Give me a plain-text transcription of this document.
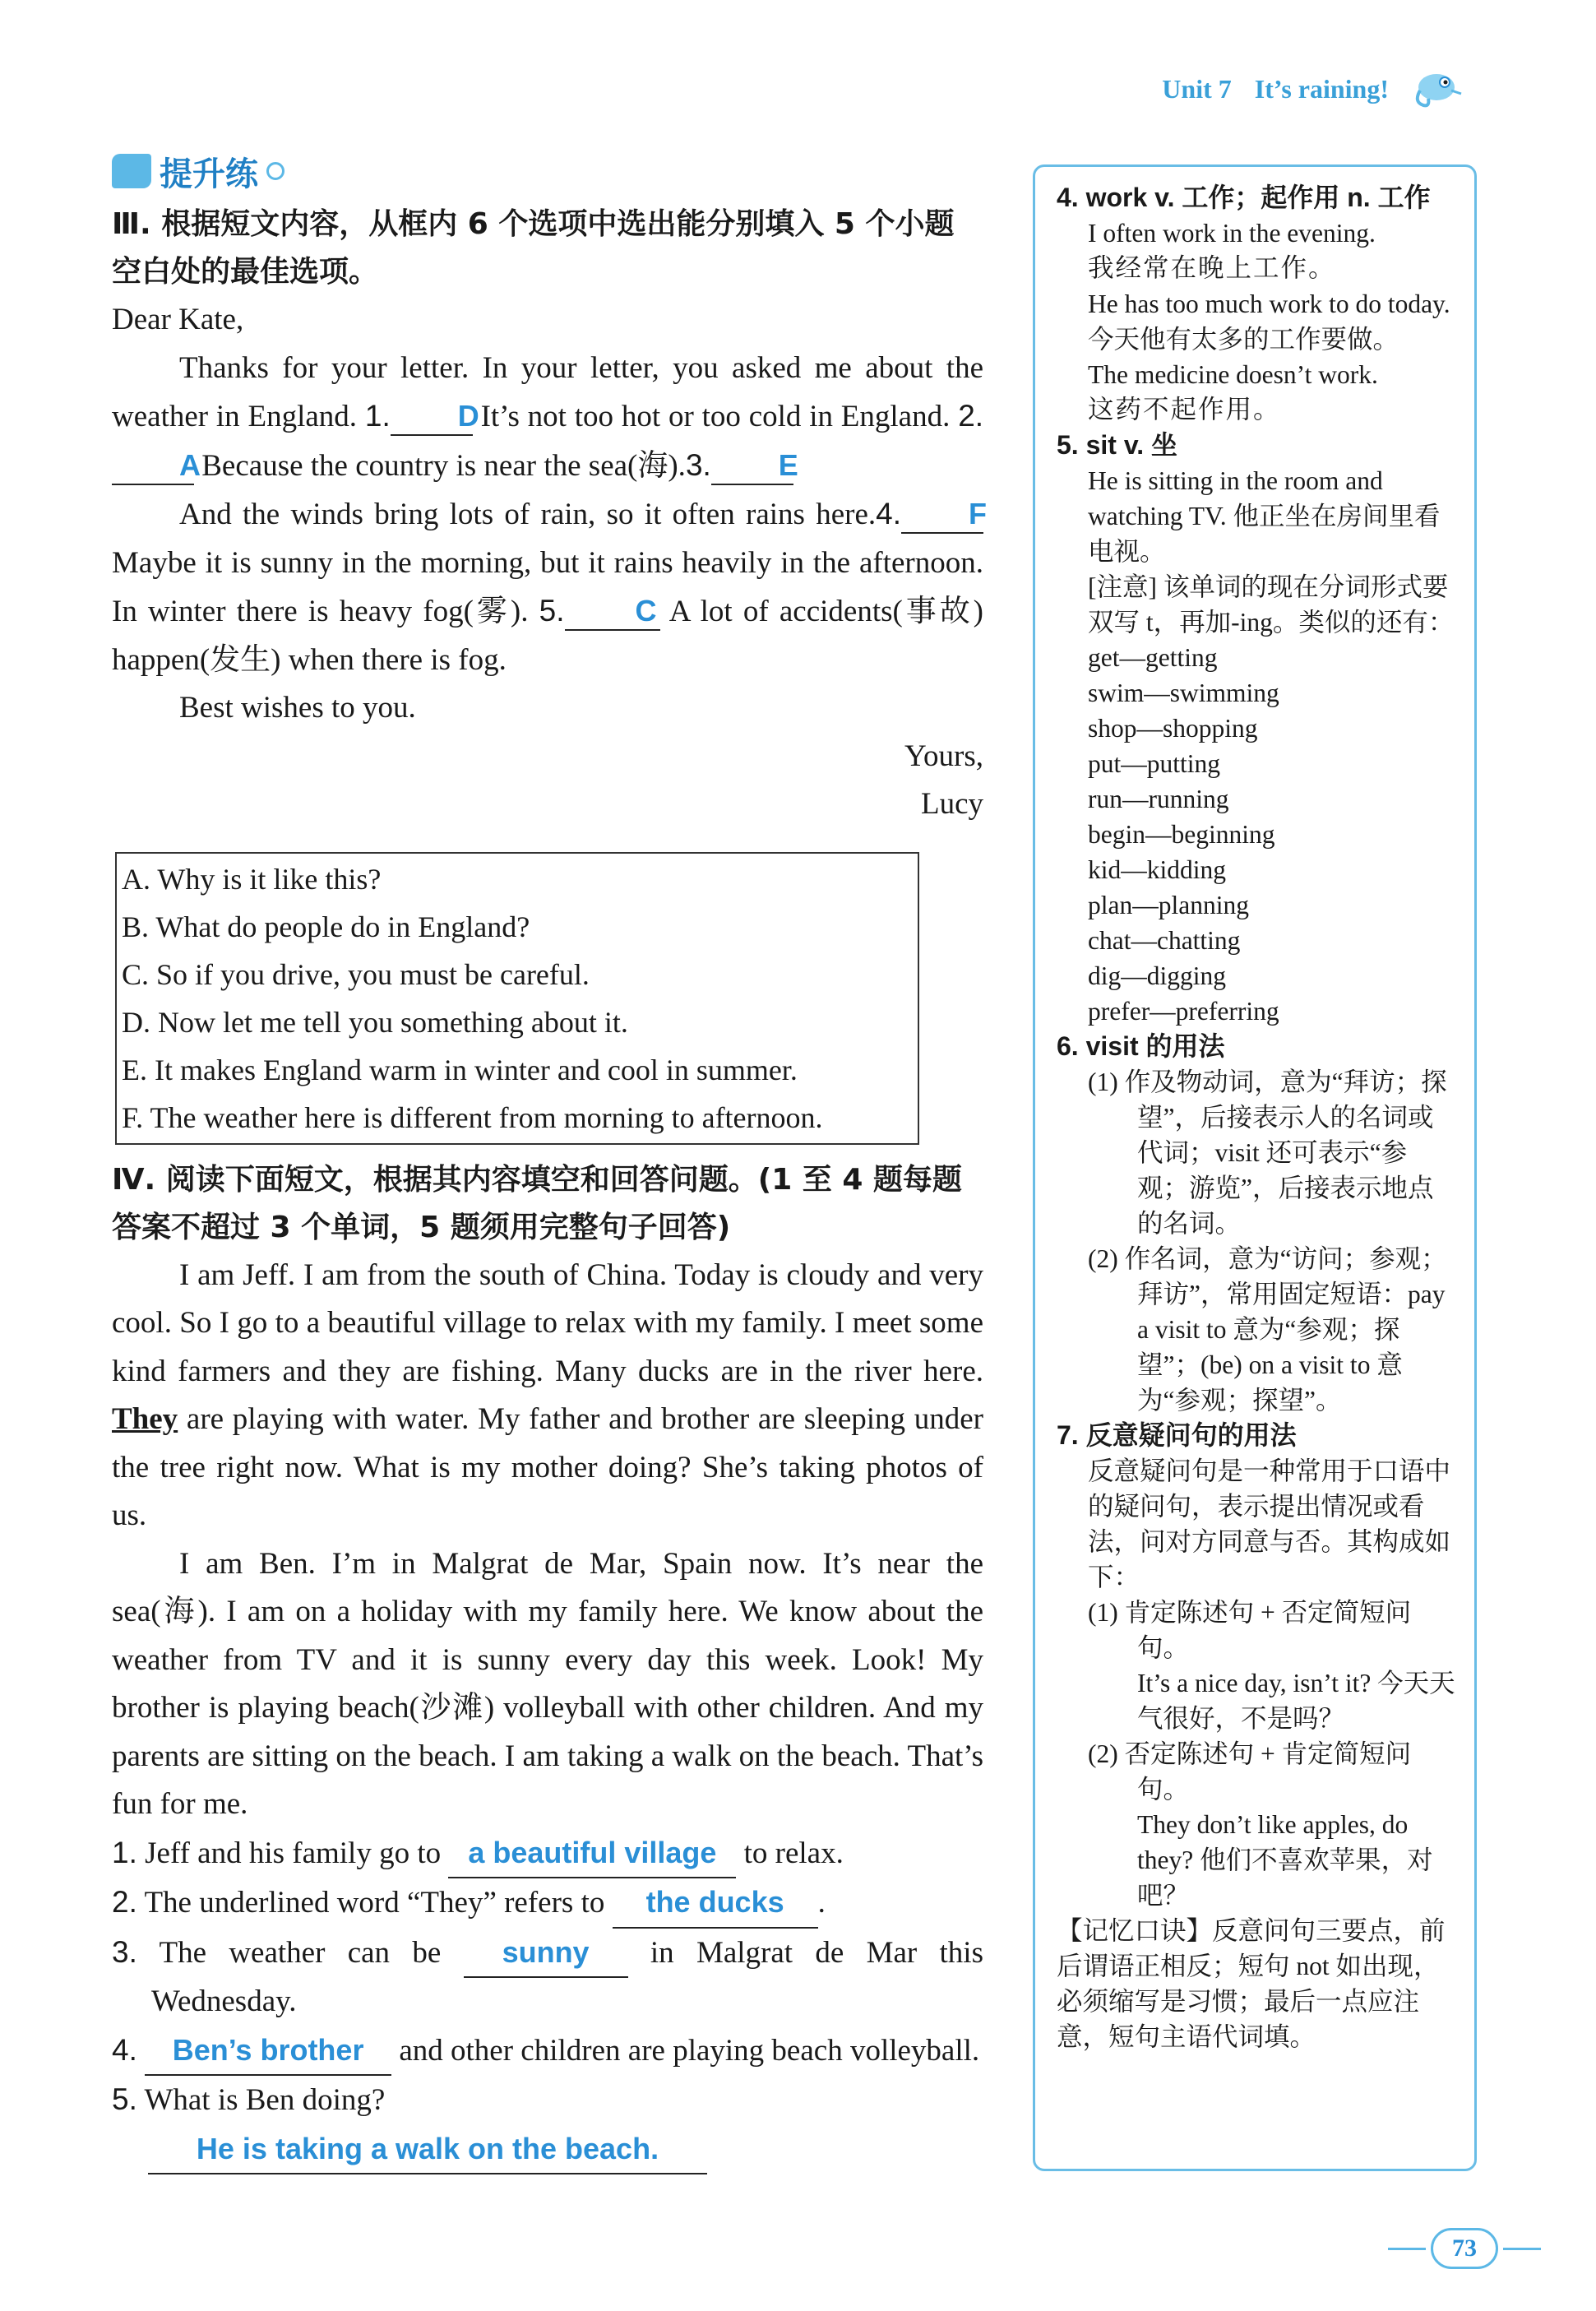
Unit 7 It’s raining!
提升练
Ⅲ. 根据短文内容，从框内 6 个选项中选出能分别填入 5 个小题空白处的最佳选项。

Dear Kate,

Thanks for your letter. In your letter, you asked me about the weather in England. 1. D It’s not too hot or too cold in England. 2.A Because the country is near the sea(海).3. E

And the winds bring lots of rain, so it often rains here.4. F Maybe it is sunny in the morning, but it rains heavily in the afternoon. In winter there is heavy fog(雾). 5. C A lot of accidents(事故) happen(发生) when there is fog.

Best wishes to you.

Yours,

Lucy

A. Why is it like this?

B. What do people do in England?

C. So if you drive, you must be careful.

D. Now let me tell you something about it.

E. It makes England warm in winter and cool in summer.

F. The weather here is different from morning to afternoon.

Ⅳ. 阅读下面短文，根据其内容填空和回答问题。(1 至 4 题每题答案不超过 3 个单词，5 题须用完整句子回答)

I am Jeff. I am from the south of China. Today is cloudy and very cool. So I go to a beautiful village to relax with my family. I meet some kind farmers and they are fishing. Many ducks are in the river here. They are playing with water. My father and brother are sleeping under the tree right now. What is my mother doing? She’s taking photos of us.

I am Ben. I’m in Malgrat de Mar, Spain now. It’s near the sea(海). I am on a holiday with my family here. We know about the weather from TV and it is sunny every day this week. Look! My brother is playing beach(沙滩) volleyball with other children. And my parents are sitting on the beach. I am taking a walk on the beach. That’s fun for me.

1. Jeff and his family go to a beautiful village to relax.

2. The underlined word “They” refers to the ducks .

3. The weather can be sunny in Malgrat de Mar this Wednesday.

4. Ben’s brother and other children are playing beach volleyball.

5. What is Ben doing?

He is taking a walk on the beach.

4. work v. 工作；起作用 n. 工作

I often work in the evening.

我经常在晚上工作。

He has too much work to do today. 今天他有太多的工作要做。

The medicine doesn’t work.

这药不起作用。

5. sit v. 坐

He is sitting in the room and watching TV. 他正坐在房间里看电视。

[注意] 该单词的现在分词形式要双写 t，再加-ing。类似的还有：

get—getting

swim—swimming

shop—shopping

put—putting

run—running

begin—beginning

kid—kidding

plan—planning

chat—chatting

dig—digging

prefer—preferring

6. visit 的用法

(1) 作及物动词，意为“拜访；探望”，后接表示人的名词或代词；visit 还可表示“参观；游览”，后接表示地点的名词。

(2) 作名词，意为“访问；参观；拜访”，常用固定短语：pay a visit to 意为“参观；探望”；(be) on a visit to 意为“参观；探望”。

7. 反意疑问句的用法

反意疑问句是一种常用于口语中的疑问句，表示提出情况或看法，问对方同意与否。其构成如下：

(1) 肯定陈述句 + 否定简短问句。

It’s a nice day, isn’t it? 今天天气很好，不是吗？

(2) 否定陈述句 + 肯定简短问句。

They don’t like apples, do they? 他们不喜欢苹果，对吧？

【记忆口诀】反意问句三要点，前后谓语正相反；短句 not 如出现，必须缩写是习惯；最后一点应注意，短句主语代词填。

73
